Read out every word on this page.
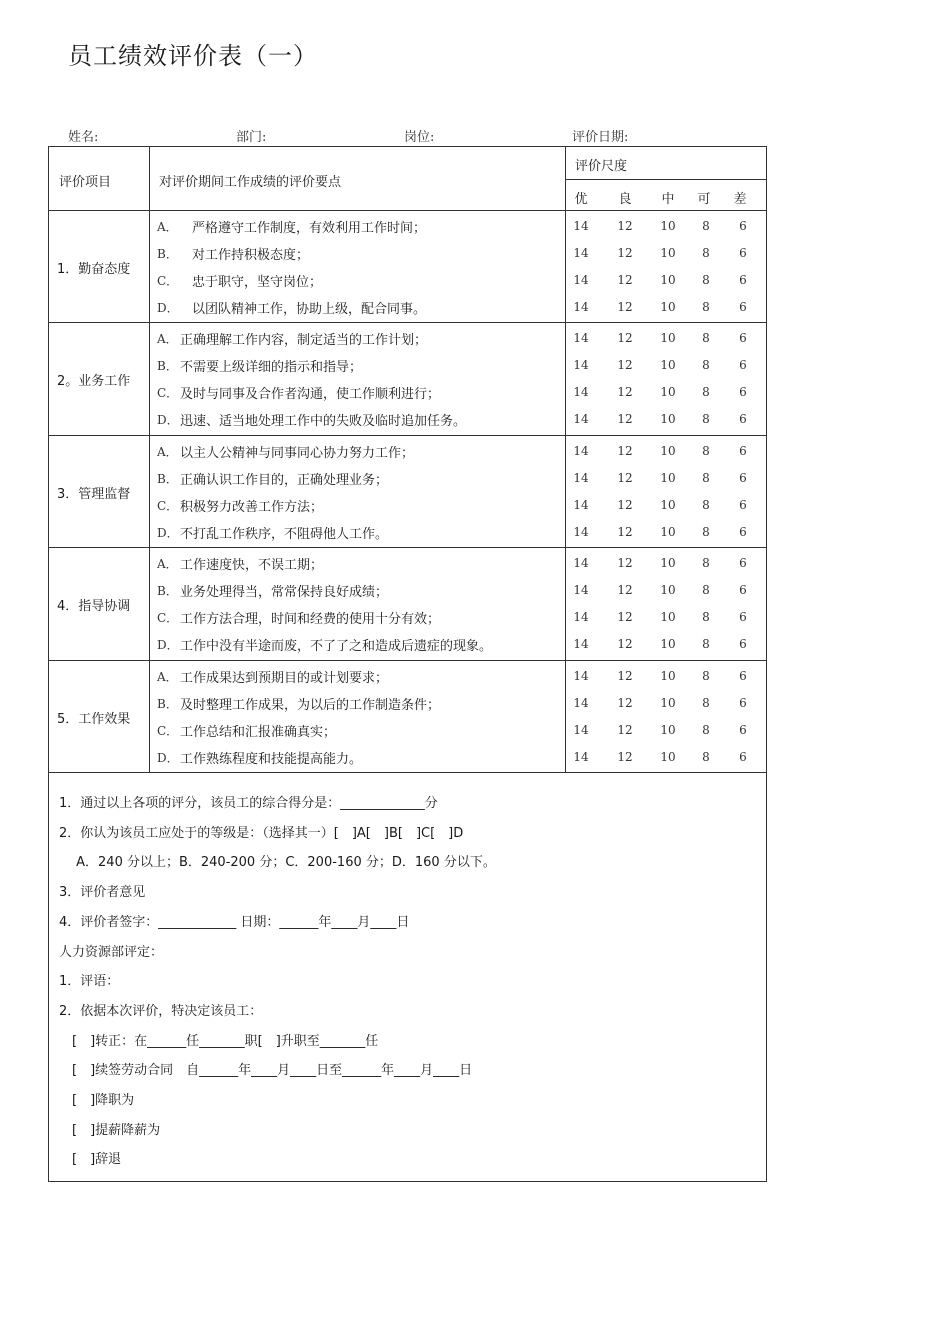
员工绩效评价表（一）
姓名:	部门:	岗位:	评价日期:
评价项目	对评价期间工作成绩的评价要点
评价尺度
优 良 中 可 差
1．勤奋态度
A． 严格遵守工作制度，有效利用工作时间；	14 12 10 8 6
B． 对工作持积极态度；	14 12 10 8 6
C． 忠于职守，坚守岗位；	14 12 10 8 6
D． 以团队精神工作，协助上级，配合同事。	14 12 10 8 6
2。业务工作
A． 正确理解工作内容，制定适当的工作计划；	14 12 10 8 6
B． 不需要上级详细的指示和指导；	14 12 10 8 6
C． 及时与同事及合作者沟通，使工作顺利进行；	14 12 10 8 6
D． 迅速、适当地处理工作中的失败及临时追加任务。	14 12 10 8 6
3．管理监督
A． 以主人公精神与同事同心协力努力工作；	14 12 10 8 6
B． 正确认识工作目的，正确处理业务；	14 12 10 8 6
C． 积极努力改善工作方法；	14 12 10 8 6
D． 不打乱工作秩序，不阻碍他人工作。	14 12 10 8 6
4．指导协调
A． 工作速度快，不误工期；	14 12 10 8 6
B． 业务处理得当，常常保持良好成绩；	14 12 10 8 6
C． 工作方法合理，时间和经费的使用十分有效；	14 12 10 8 6
D． 工作中没有半途而废，不了了之和造成后遗症的现象。	14 12 10 8 6
5．工作效果
A． 工作成果达到预期目的或计划要求；	14 12 10 8 6
B． 及时整理工作成果，为以后的工作制造条件；	14 12 10 8 6
C． 工作总结和汇报准确真实；	14 12 10 8 6
D． 工作熟练程度和技能提高能力。	14 12 10 8 6
1．通过以上各项的评分，该员工的综合得分是：_____________分
2．你认为该员工应处于的等级是：（选择其一）[　]A[　]B[　]C[　]D
　 A．240 分以上；B．240-200 分；C．200-160 分；D．160 分以下。
3．评价者意见
4．评价者签字：____________ 日期：______年____月____日
人力资源部评定：
1．评语：
2．依据本次评价，特决定该员工：
　[　]转正：在______任_______职[　]升职至_______任
　[　]续签劳动合同　自______年____月____日至______年____月____日
　[　]降职为
　[　]提薪降薪为
　[　]辞退
